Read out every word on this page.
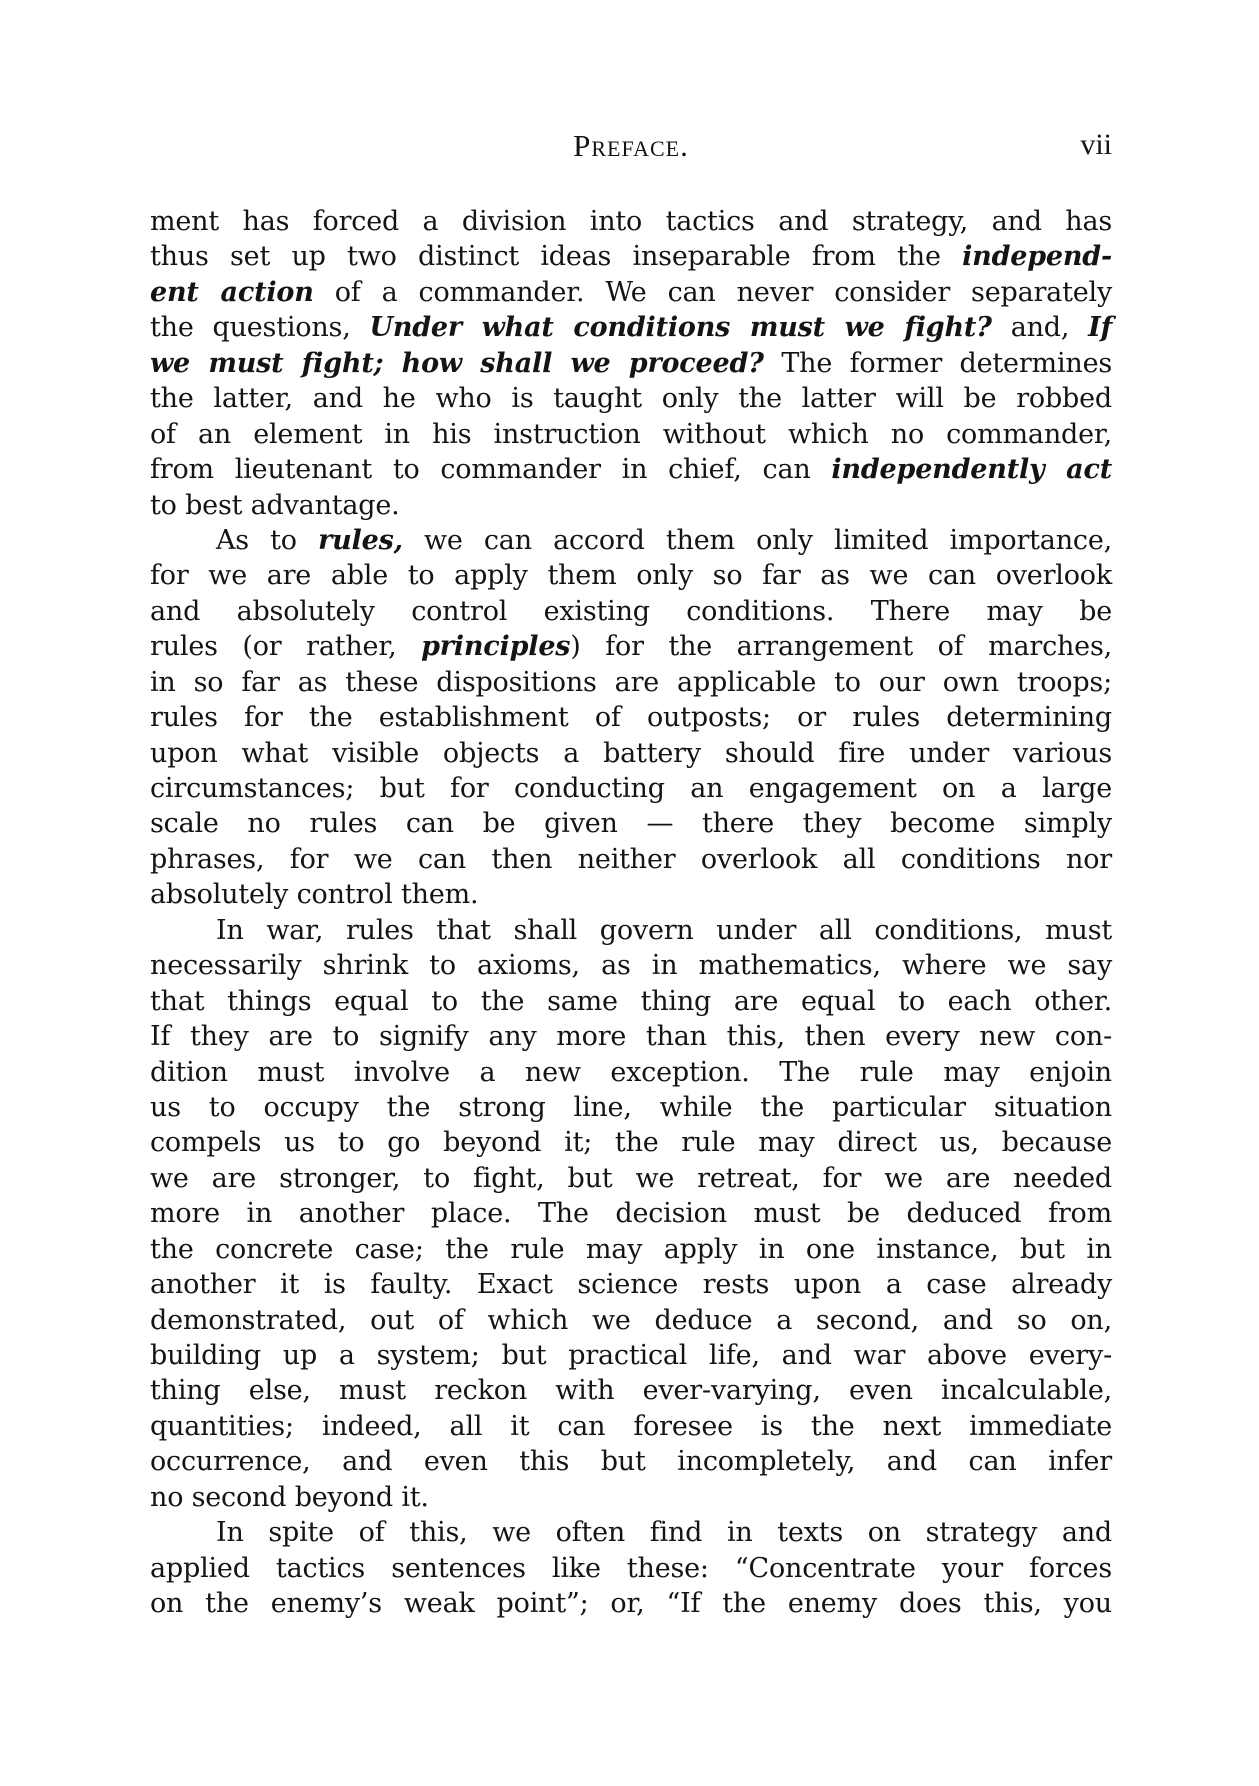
Preface.	vii
ment has forced a division into tactics and strategy, and has
thus set up two distinct ideas inseparable from the independ-
ent action of a commander. We can never consider separately
the questions, Under what conditions must we fight? and, If
we must fight; how shall we proceed? The former determines
the latter, and he who is taught only the latter will be robbed
of an element in his instruction without which no commander,
from lieutenant to commander in chief, can independently act
to best advantage.
As to rules, we can accord them only limited importance,
for we are able to apply them only so far as we can overlook
and absolutely control existing conditions. There may be
rules (or rather, principles) for the arrangement of marches,
in so far as these dispositions are applicable to our own troops;
rules for the establishment of outposts; or rules determining
upon what visible objects a battery should fire under various
circumstances; but for conducting an engagement on a large
scale no rules can be given — there they become simply
phrases, for we can then neither overlook all conditions nor
absolutely control them.
In war, rules that shall govern under all conditions, must
necessarily shrink to axioms, as in mathematics, where we say
that things equal to the same thing are equal to each other.
If they are to signify any more than this, then every new con-
dition must involve a new exception. The rule may enjoin
us to occupy the strong line, while the particular situation
compels us to go beyond it; the rule may direct us, because
we are stronger, to fight, but we retreat, for we are needed
more in another place. The decision must be deduced from
the concrete case; the rule may apply in one instance, but in
another it is faulty. Exact science rests upon a case already
demonstrated, out of which we deduce a second, and so on,
building up a system; but practical life, and war above every-
thing else, must reckon with ever-varying, even incalculable,
quantities; indeed, all it can foresee is the next immediate
occurrence, and even this but incompletely, and can infer
no second beyond it.
In spite of this, we often find in texts on strategy and
applied tactics sentences like these: “Concentrate your forces
on the enemy’s weak point”; or, “If the enemy does this, you
